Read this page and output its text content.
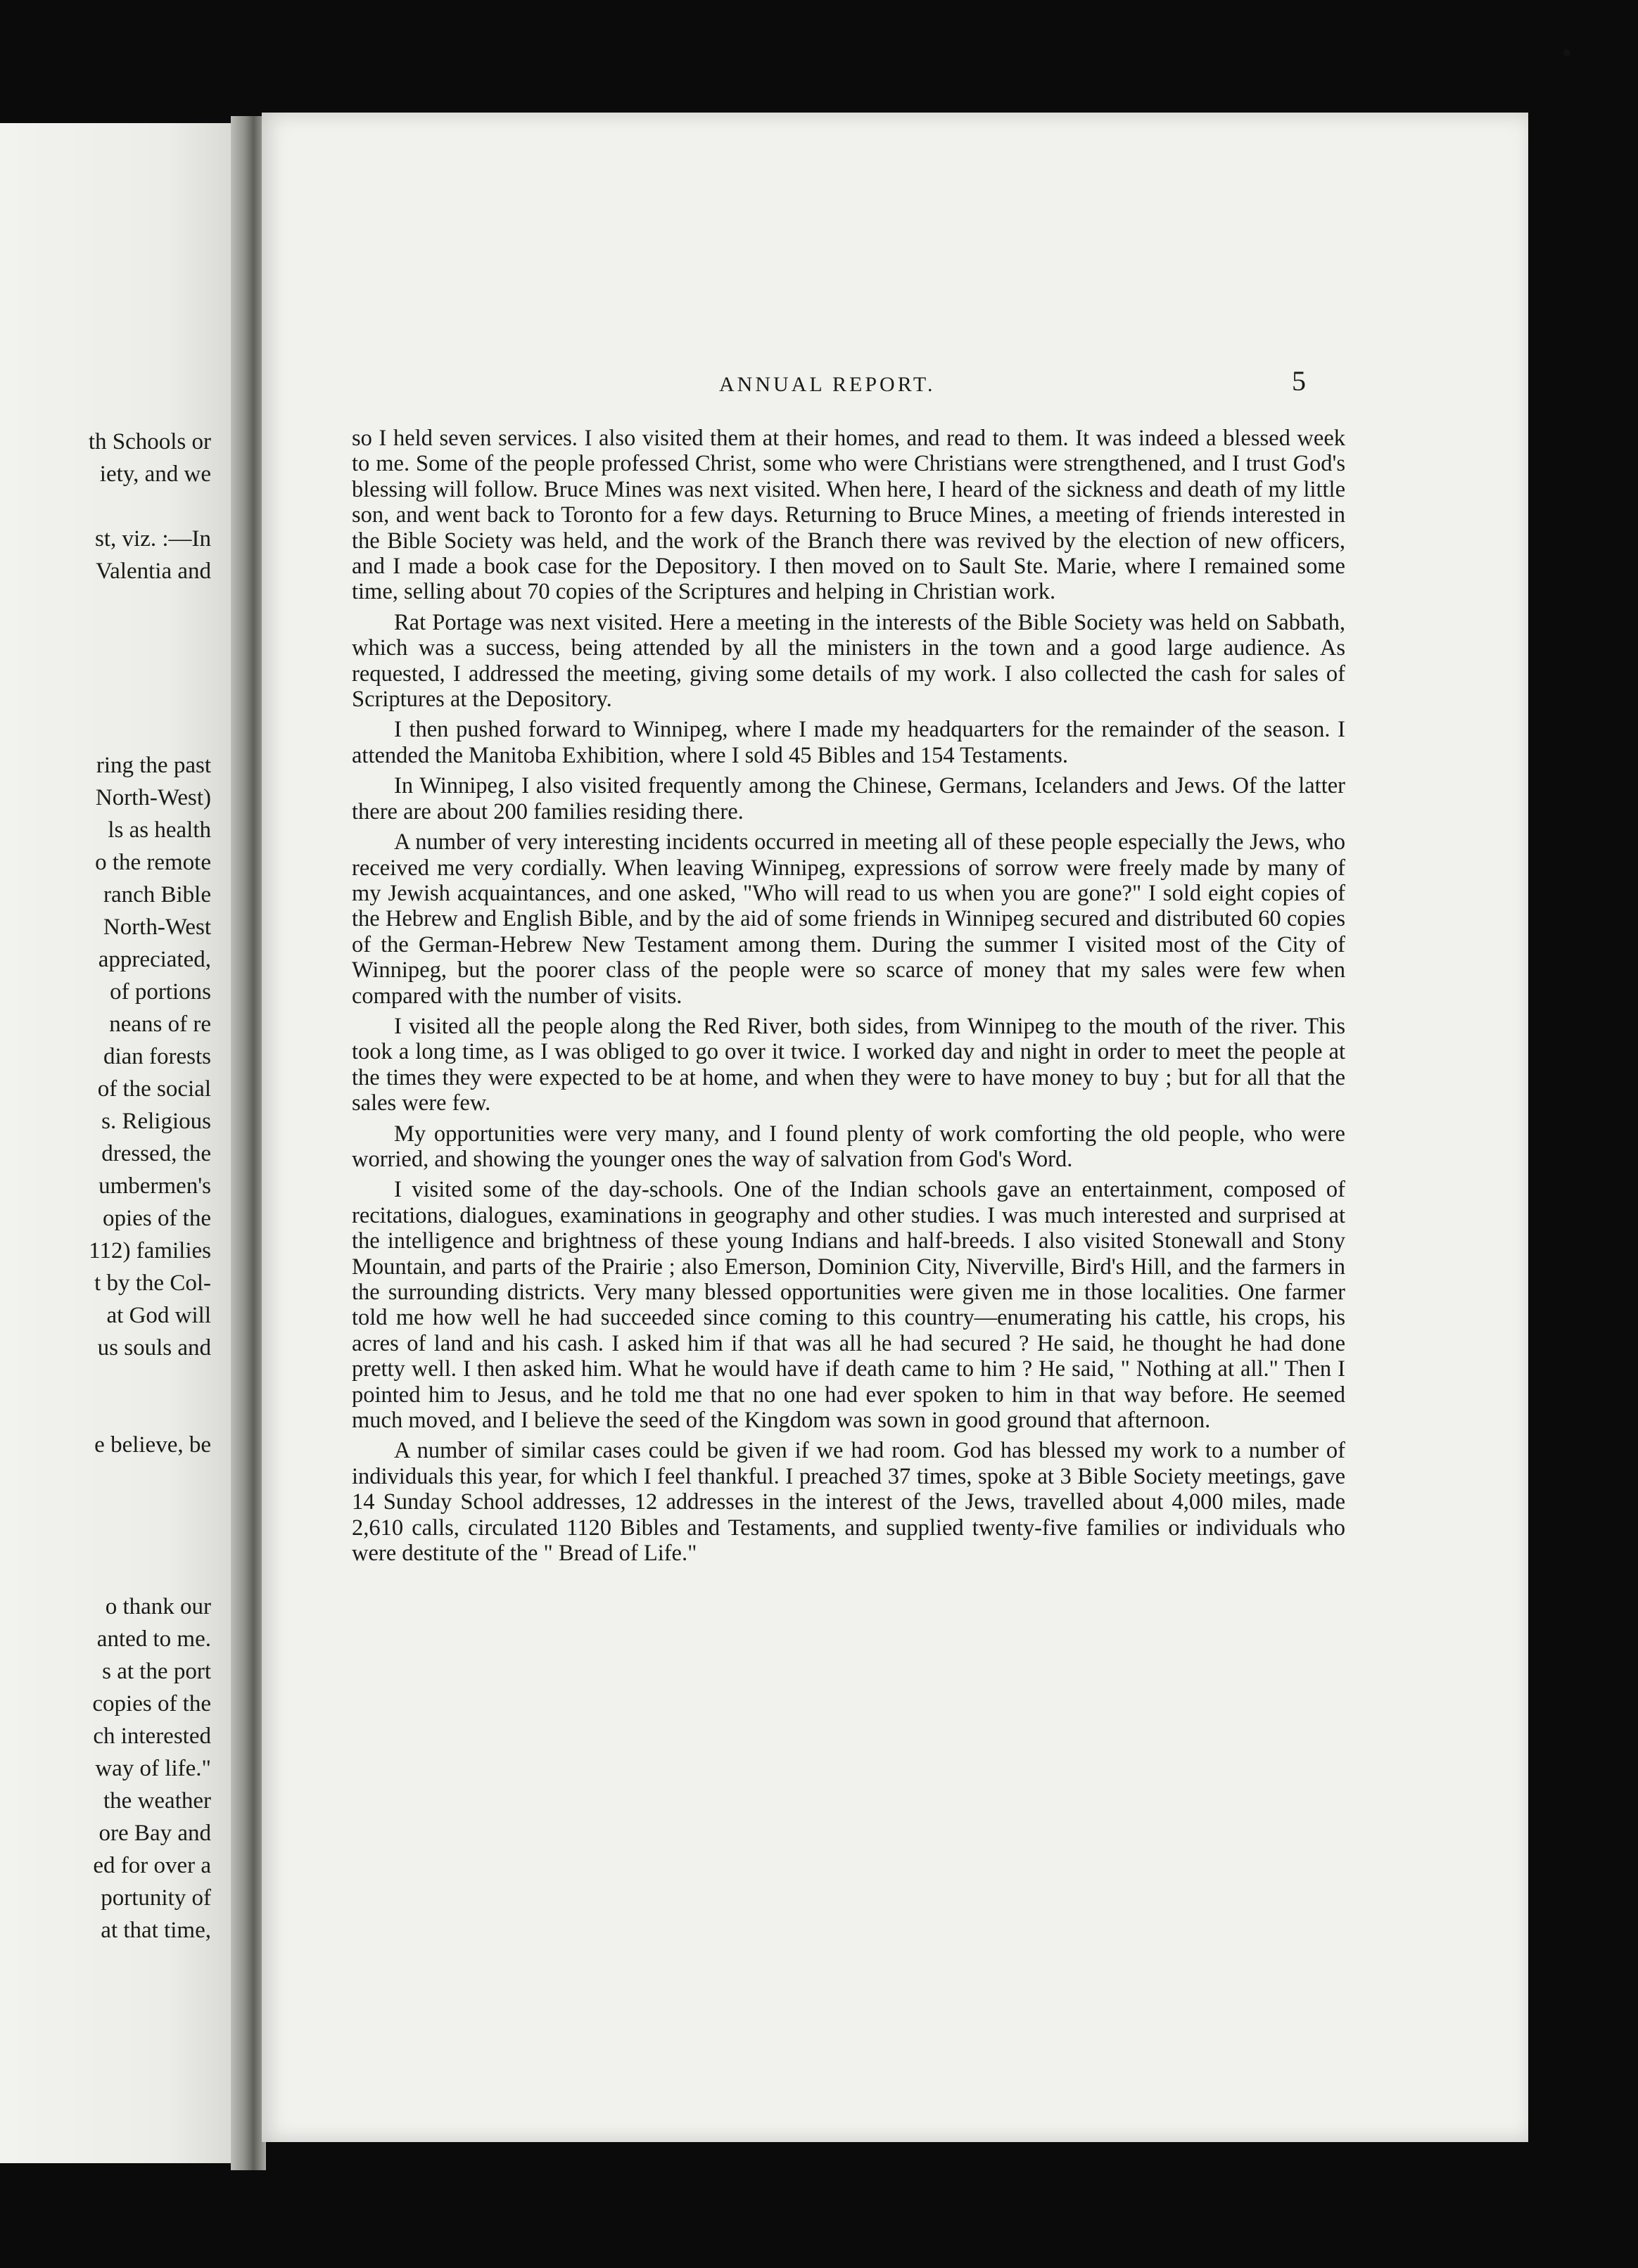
th Schools or
iety, and we
st, viz. :—In
Valentia and
ring the past
North-West)
ls as health
o the remote
ranch Bible
North-West
appreciated,
of portions
neans of re
dian forests
of the social
s. Religious
dressed, the
umbermen's
opies of the
112) families
t by the Col-
at God will
us souls and
e believe, be
o thank our
anted to me.
s at the port
copies of the
ch interested
way of life."
the weather
ore Bay and
ed for over a
portunity of
at that time,
ANNUAL REPORT.	5

so I held seven services. I also visited them at their homes, and read to them. It was indeed a blessed week to me. Some of the people professed Christ, some who were Christians were strengthened, and I trust God's blessing will follow. Bruce Mines was next visited. When here, I heard of the sickness and death of my little son, and went back to Toronto for a few days. Returning to Bruce Mines, a meeting of friends interested in the Bible Society was held, and the work of the Branch there was revived by the election of new officers, and I made a book case for the Depository. I then moved on to Sault Ste. Marie, where I remained some time, selling about 70 copies of the Scriptures and helping in Christian work.

Rat Portage was next visited. Here a meeting in the interests of the Bible Society was held on Sabbath, which was a success, being attended by all the ministers in the town and a good large audience. As requested, I addressed the meeting, giving some details of my work. I also collected the cash for sales of Scriptures at the Depository.

I then pushed forward to Winnipeg, where I made my headquarters for the remainder of the season. I attended the Manitoba Exhibition, where I sold 45 Bibles and 154 Testaments.

In Winnipeg, I also visited frequently among the Chinese, Germans, Icelanders and Jews. Of the latter there are about 200 families residing there.

A number of very interesting incidents occurred in meeting all of these people especially the Jews, who received me very cordially. When leaving Winnipeg, expressions of sorrow were freely made by many of my Jewish acquaintances, and one asked, "Who will read to us when you are gone?" I sold eight copies of the Hebrew and English Bible, and by the aid of some friends in Winnipeg secured and distributed 60 copies of the German-Hebrew New Testament among them. During the summer I visited most of the City of Winnipeg, but the poorer class of the people were so scarce of money that my sales were few when compared with the number of visits.

I visited all the people along the Red River, both sides, from Winnipeg to the mouth of the river. This took a long time, as I was obliged to go over it twice. I worked day and night in order to meet the people at the times they were expected to be at home, and when they were to have money to buy ; but for all that the sales were few.

My opportunities were very many, and I found plenty of work comforting the old people, who were worried, and showing the younger ones the way of salvation from God's Word.

I visited some of the day-schools. One of the Indian schools gave an entertainment, composed of recitations, dialogues, examinations in geography and other studies. I was much interested and surprised at the intelligence and brightness of these young Indians and half-breeds. I also visited Stonewall and Stony Mountain, and parts of the Prairie ; also Emerson, Dominion City, Niverville, Bird's Hill, and the farmers in the surrounding districts. Very many blessed opportunities were given me in those localities. One farmer told me how well he had succeeded since coming to this country—enumerating his cattle, his crops, his acres of land and his cash. I asked him if that was all he had secured ? He said, he thought he had done pretty well. I then asked him. What he would have if death came to him ? He said, " Nothing at all." Then I pointed him to Jesus, and he told me that no one had ever spoken to him in that way before. He seemed much moved, and I believe the seed of the Kingdom was sown in good ground that afternoon.

A number of similar cases could be given if we had room. God has blessed my work to a number of individuals this year, for which I feel thankful. I preached 37 times, spoke at 3 Bible Society meetings, gave 14 Sunday School addresses, 12 addresses in the interest of the Jews, travelled about 4,000 miles, made 2,610 calls, circulated 1120 Bibles and Testaments, and supplied twenty-five families or individuals who were destitute of the " Bread of Life."
